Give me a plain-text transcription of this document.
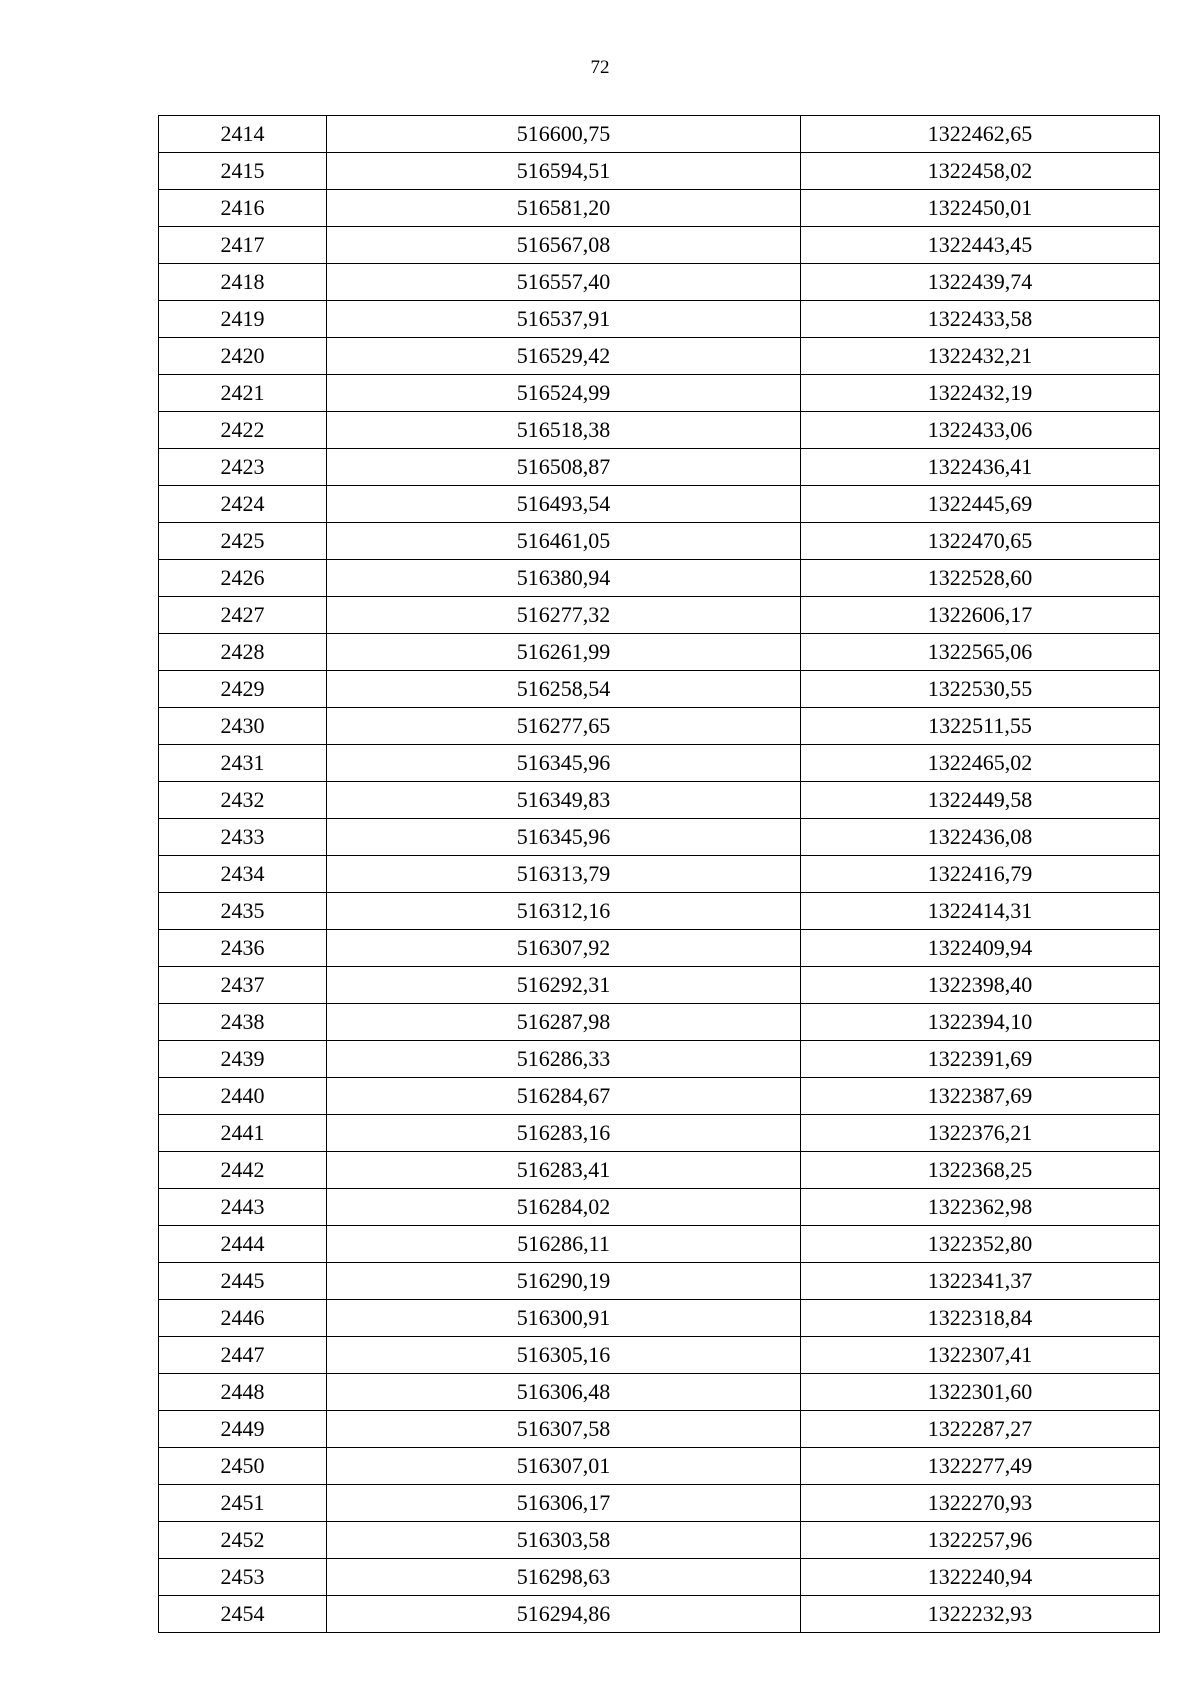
72
2414	516600,75	1322462,65
2415	516594,51	1322458,02
2416	516581,20	1322450,01
2417	516567,08	1322443,45
2418	516557,40	1322439,74
2419	516537,91	1322433,58
2420	516529,42	1322432,21
2421	516524,99	1322432,19
2422	516518,38	1322433,06
2423	516508,87	1322436,41
2424	516493,54	1322445,69
2425	516461,05	1322470,65
2426	516380,94	1322528,60
2427	516277,32	1322606,17
2428	516261,99	1322565,06
2429	516258,54	1322530,55
2430	516277,65	1322511,55
2431	516345,96	1322465,02
2432	516349,83	1322449,58
2433	516345,96	1322436,08
2434	516313,79	1322416,79
2435	516312,16	1322414,31
2436	516307,92	1322409,94
2437	516292,31	1322398,40
2438	516287,98	1322394,10
2439	516286,33	1322391,69
2440	516284,67	1322387,69
2441	516283,16	1322376,21
2442	516283,41	1322368,25
2443	516284,02	1322362,98
2444	516286,11	1322352,80
2445	516290,19	1322341,37
2446	516300,91	1322318,84
2447	516305,16	1322307,41
2448	516306,48	1322301,60
2449	516307,58	1322287,27
2450	516307,01	1322277,49
2451	516306,17	1322270,93
2452	516303,58	1322257,96
2453	516298,63	1322240,94
2454	516294,86	1322232,93
